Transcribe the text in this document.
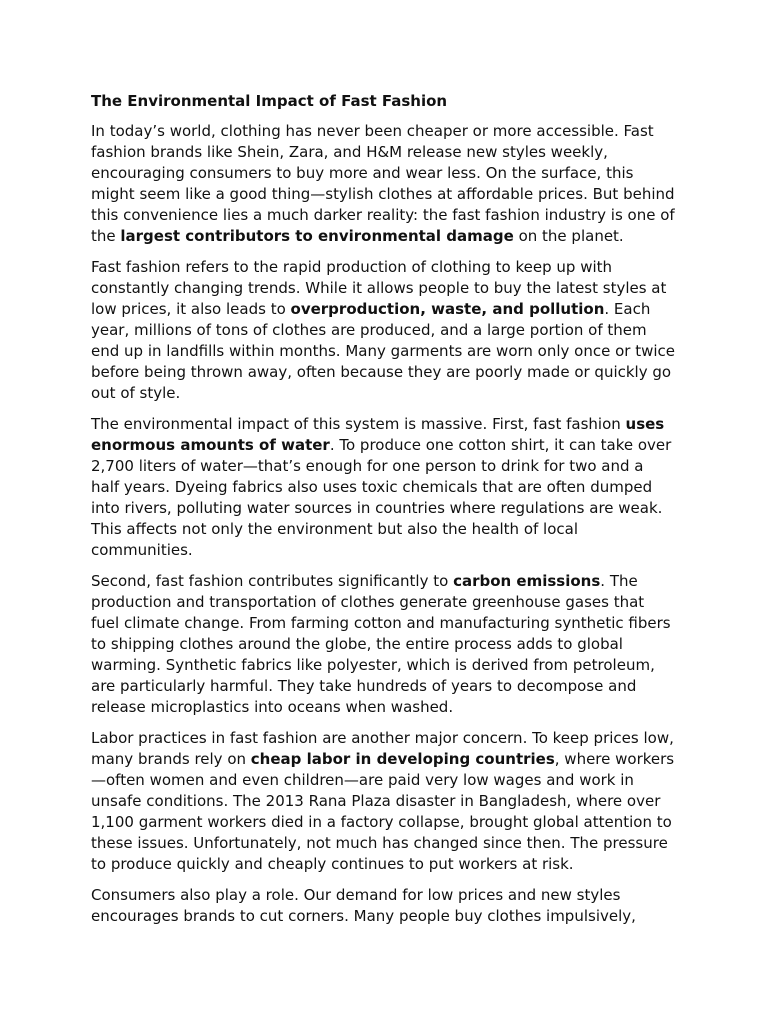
The Environmental Impact of Fast Fashion

In today’s world, clothing has never been cheaper or more accessible. Fast
fashion brands like Shein, Zara, and H&M release new styles weekly,
encouraging consumers to buy more and wear less. On the surface, this
might seem like a good thing—stylish clothes at affordable prices. But behind
this convenience lies a much darker reality: the fast fashion industry is one of
the largest contributors to environmental damage on the planet.

Fast fashion refers to the rapid production of clothing to keep up with
constantly changing trends. While it allows people to buy the latest styles at
low prices, it also leads to overproduction, waste, and pollution. Each
year, millions of tons of clothes are produced, and a large portion of them
end up in landfills within months. Many garments are worn only once or twice
before being thrown away, often because they are poorly made or quickly go
out of style.

The environmental impact of this system is massive. First, fast fashion uses
enormous amounts of water. To produce one cotton shirt, it can take over
2,700 liters of water—that’s enough for one person to drink for two and a
half years. Dyeing fabrics also uses toxic chemicals that are often dumped
into rivers, polluting water sources in countries where regulations are weak.
This affects not only the environment but also the health of local
communities.

Second, fast fashion contributes significantly to carbon emissions. The
production and transportation of clothes generate greenhouse gases that
fuel climate change. From farming cotton and manufacturing synthetic fibers
to shipping clothes around the globe, the entire process adds to global
warming. Synthetic fabrics like polyester, which is derived from petroleum,
are particularly harmful. They take hundreds of years to decompose and
release microplastics into oceans when washed.

Labor practices in fast fashion are another major concern. To keep prices low,
many brands rely on cheap labor in developing countries, where workers
—often women and even children—are paid very low wages and work in
unsafe conditions. The 2013 Rana Plaza disaster in Bangladesh, where over
1,100 garment workers died in a factory collapse, brought global attention to
these issues. Unfortunately, not much has changed since then. The pressure
to produce quickly and cheaply continues to put workers at risk.

Consumers also play a role. Our demand for low prices and new styles
encourages brands to cut corners. Many people buy clothes impulsively,
